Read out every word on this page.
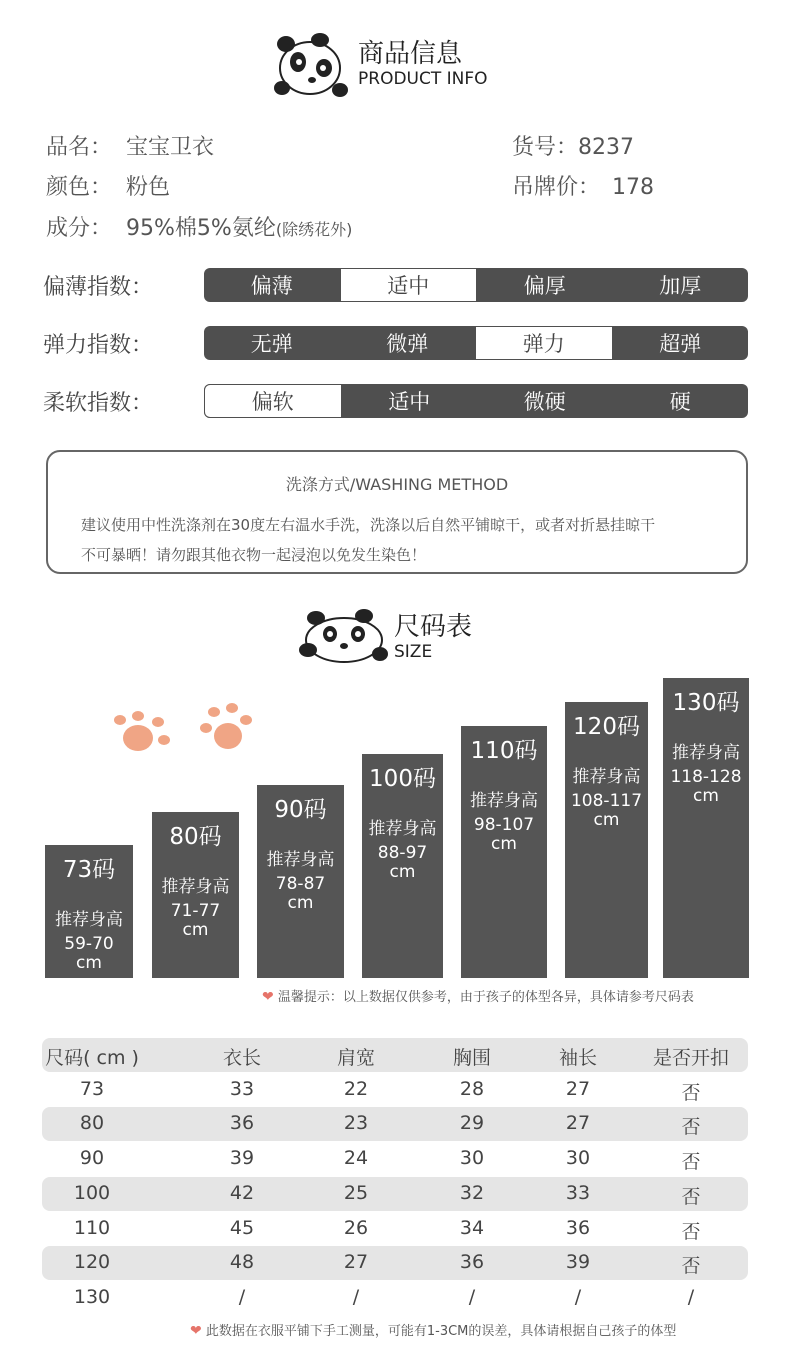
商品信息
PRODUCT INFO
品名： 宝宝卫衣
颜色： 粉色
成分： 95%棉5%氨纶(除绣花外)
货号：8237
吊牌价： 178
偏薄指数：	偏薄	适中	偏厚	加厚
弹力指数：	无弹	微弹	弹力	超弹
柔软指数：	偏软	适中	微硬	硬
洗涤方式/WASHING METHOD
建议使用中性洗涤剂在30度左右温水手洗，洗涤以后自然平铺晾干，或者对折悬挂晾干
不可暴晒！请勿跟其他衣物一起浸泡以免发生染色！
尺码表
SIZE
73码
推荐身高
59-70
cm
80码
推荐身高
71-77
cm
90码
推荐身高
78-87
cm
100码
推荐身高
88-97
cm
110码
推荐身高
98-107
cm
120码
推荐身高
108-117
cm
130码
推荐身高
118-128
cm
❤ 温馨提示：以上数据仅供参考，由于孩子的体型各异，具体请参考尺码表
尺码( cm )	衣长	肩宽	胸围	袖长	是否开扣
73	33	22	28	27	否
80	36	23	29	27	否
90	39	24	30	30	否
100	42	25	32	33	否
110	45	26	34	36	否
120	48	27	36	39	否
130	/	/	/	/	/
❤ 此数据在衣服平铺下手工测量，可能有1-3CM的误差，具体请根据自己孩子的体型
